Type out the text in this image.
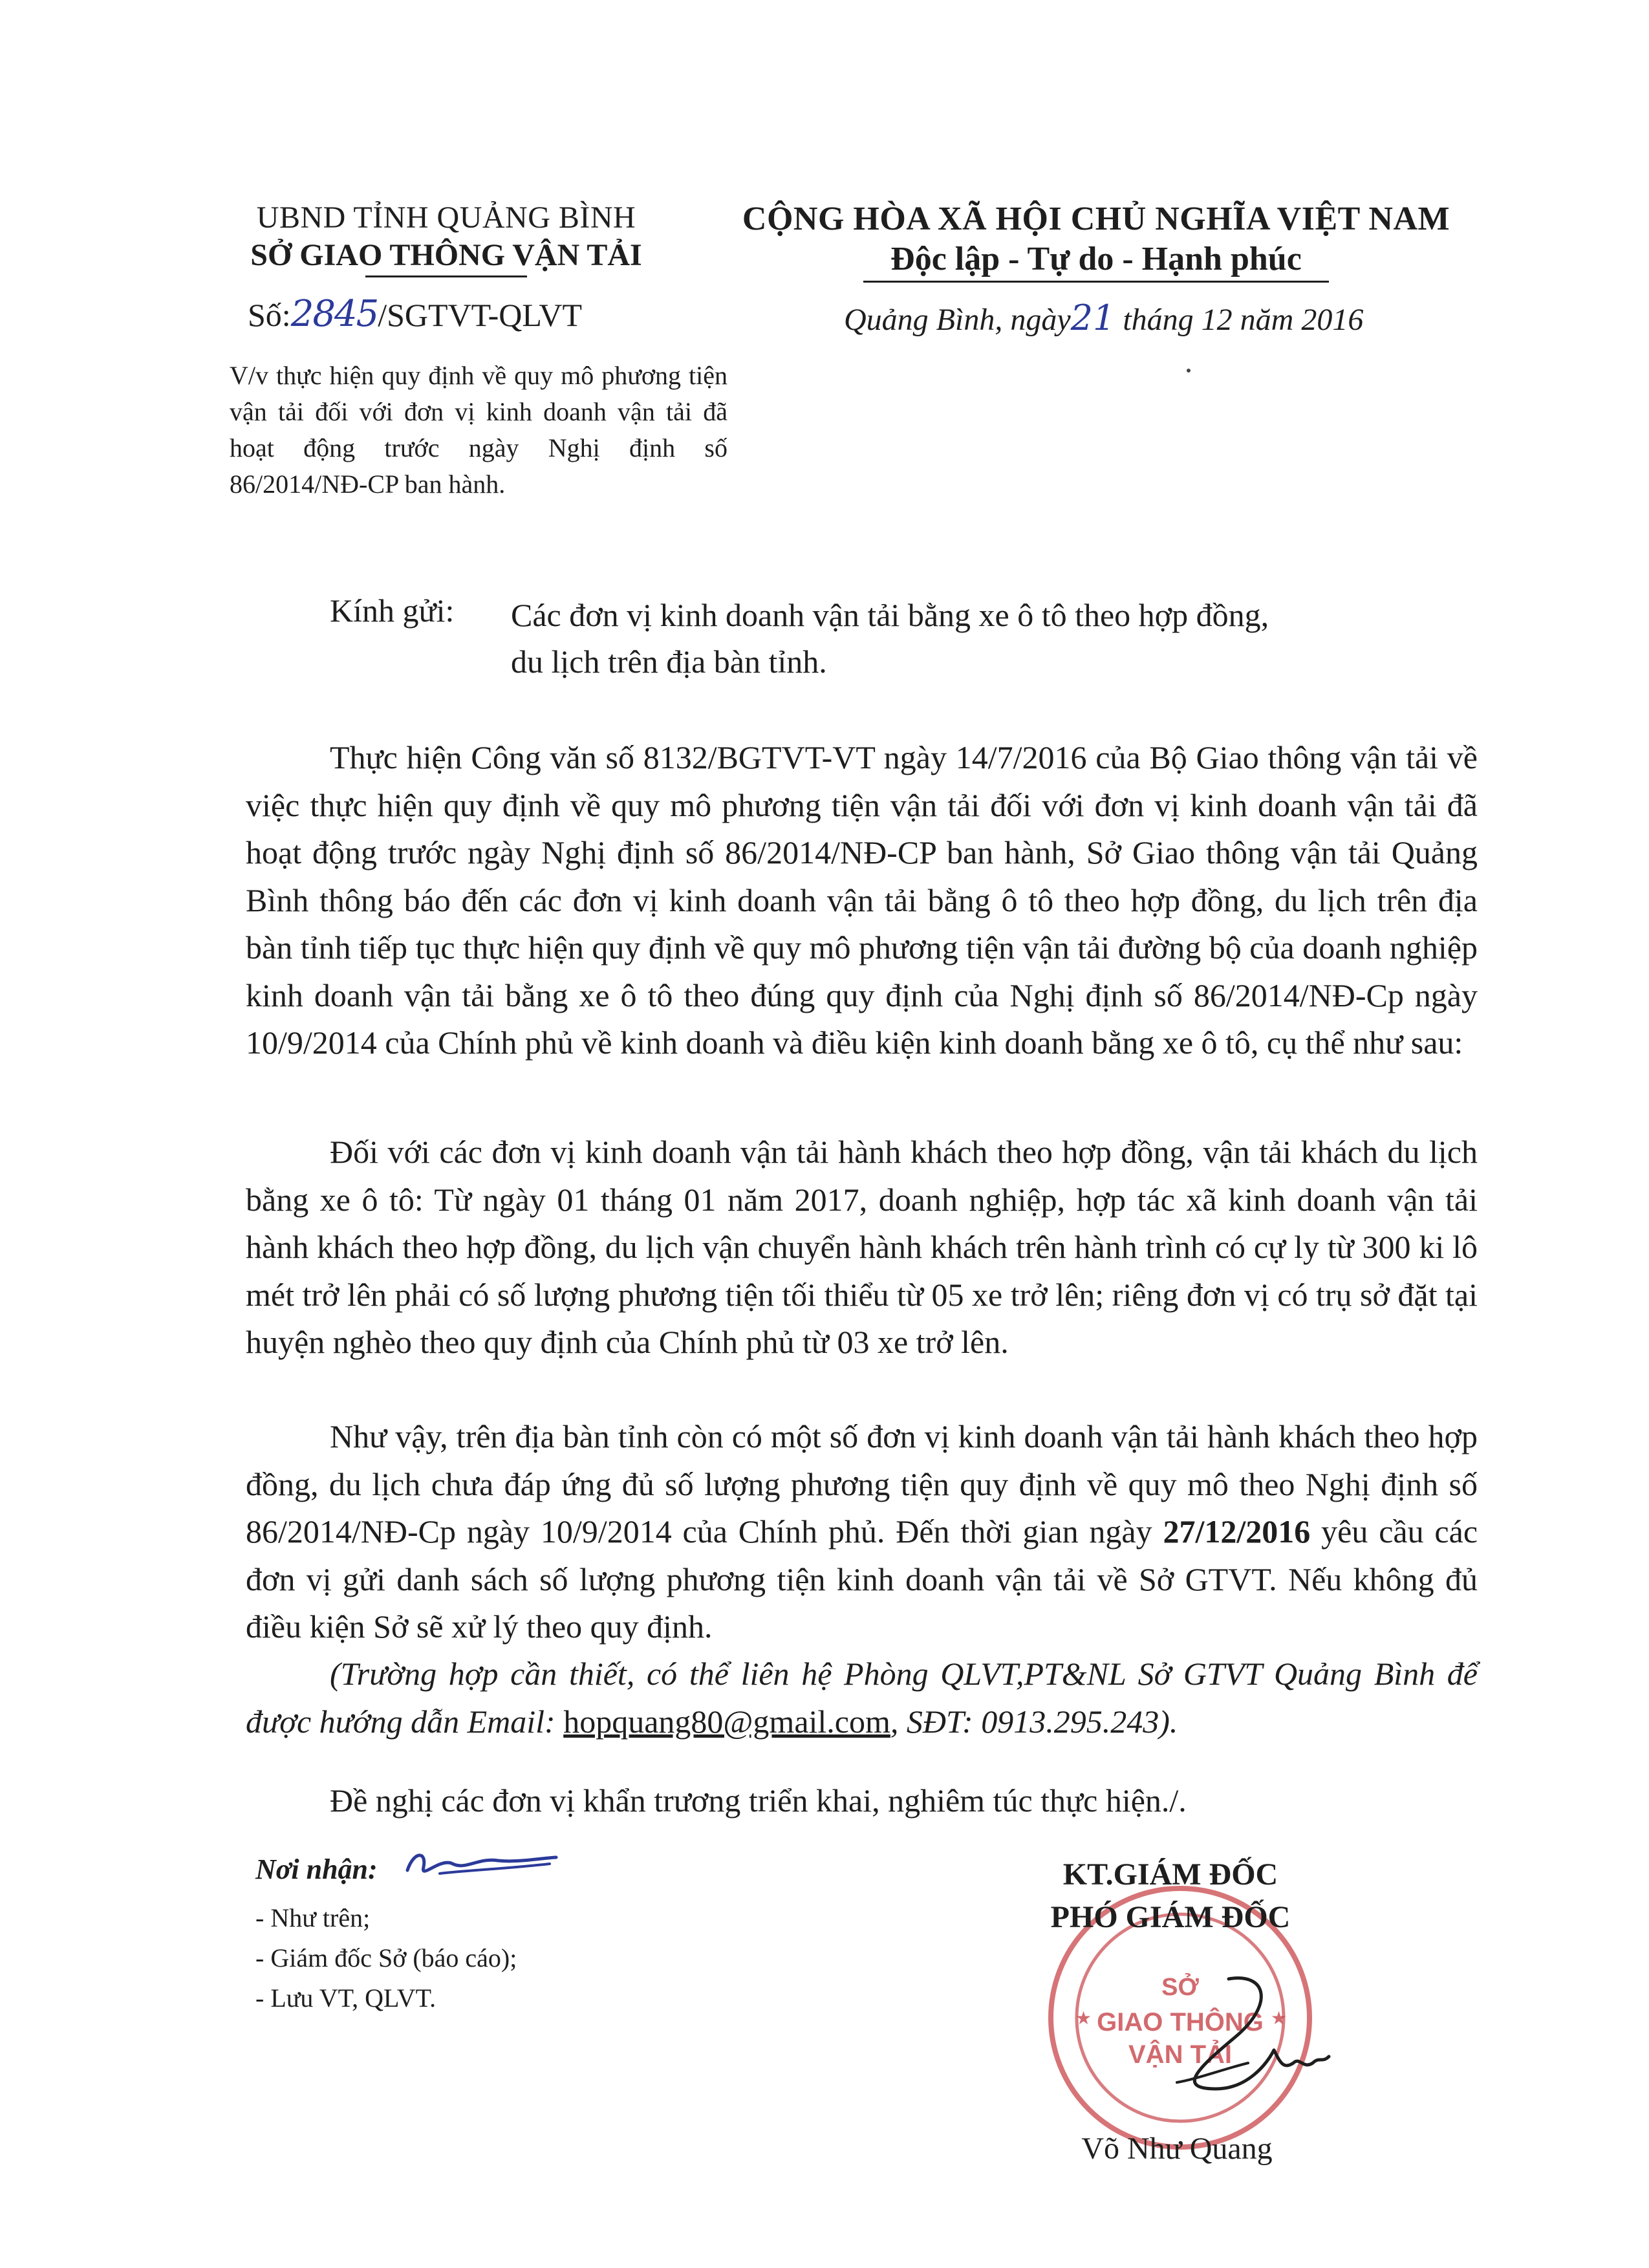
UBND TỈNH QUẢNG BÌNH
SỞ GIAO THÔNG VẬN TẢI
CỘNG HÒA XÃ HỘI CHỦ NGHĨA VIỆT NAM
Độc lập - Tự do - Hạnh phúc
Số:2845/SGTVT-QLVT	Quảng Bình, ngày21 tháng 12 năm 2016
V/v thực hiện quy định về quy mô phương tiện vận tải đối với đơn vị kinh doanh vận tải đã hoạt động trước ngày Nghị định số 86/2014/NĐ-CP ban hành.
Kính gửi: Các đơn vị kinh doanh vận tải bằng xe ô tô theo hợp đồng,
du lịch trên địa bàn tỉnh.

Thực hiện Công văn số 8132/BGTVT-VT ngày 14/7/2016 của Bộ Giao thông vận tải về việc thực hiện quy định về quy mô phương tiện vận tải đối với đơn vị kinh doanh vận tải đã hoạt động trước ngày Nghị định số 86/2014/NĐ-CP ban hành, Sở Giao thông vận tải Quảng Bình thông báo đến các đơn vị kinh doanh vận tải bằng ô tô theo hợp đồng, du lịch trên địa bàn tỉnh tiếp tục thực hiện quy định về quy mô phương tiện vận tải đường bộ của doanh nghiệp kinh doanh vận tải bằng xe ô tô theo đúng quy định của Nghị định số 86/2014/NĐ-Cp ngày 10/9/2014 của Chính phủ về kinh doanh và điều kiện kinh doanh bằng xe ô tô, cụ thể như sau:

Đối với các đơn vị kinh doanh vận tải hành khách theo hợp đồng, vận tải khách du lịch bằng xe ô tô: Từ ngày 01 tháng 01 năm 2017, doanh nghiệp, hợp tác xã kinh doanh vận tải hành khách theo hợp đồng, du lịch vận chuyển hành khách trên hành trình có cự ly từ 300 ki lô mét trở lên phải có số lượng phương tiện tối thiểu từ 05 xe trở lên; riêng đơn vị có trụ sở đặt tại huyện nghèo theo quy định của Chính phủ từ 03 xe trở lên.

Như vậy, trên địa bàn tỉnh còn có một số đơn vị kinh doanh vận tải hành khách theo hợp đồng, du lịch chưa đáp ứng đủ số lượng phương tiện quy định về quy mô theo Nghị định số 86/2014/NĐ-Cp ngày 10/9/2014 của Chính phủ. Đến thời gian ngày 27/12/2016 yêu cầu các đơn vị gửi danh sách số lượng phương tiện kinh doanh vận tải về Sở GTVT. Nếu không đủ điều kiện Sở sẽ xử lý theo quy định.

(Trường hợp cần thiết, có thể liên hệ Phòng QLVT,PT&NL Sở GTVT Quảng Bình để được hướng dẫn Email: hopquang80@gmail.com, SĐT: 0913.295.243).

Đề nghị các đơn vị khẩn trương triển khai, nghiêm túc thực hiện./.

Nơi nhận:
- Như trên;
- Giám đốc Sở (báo cáo);
- Lưu VT, QLVT.	SỞ
GIAO THÔNG
VẬN TẢI
★	★
KT.GIÁM ĐỐC
PHÓ GIÁM ĐỐC
Võ Như Quang
